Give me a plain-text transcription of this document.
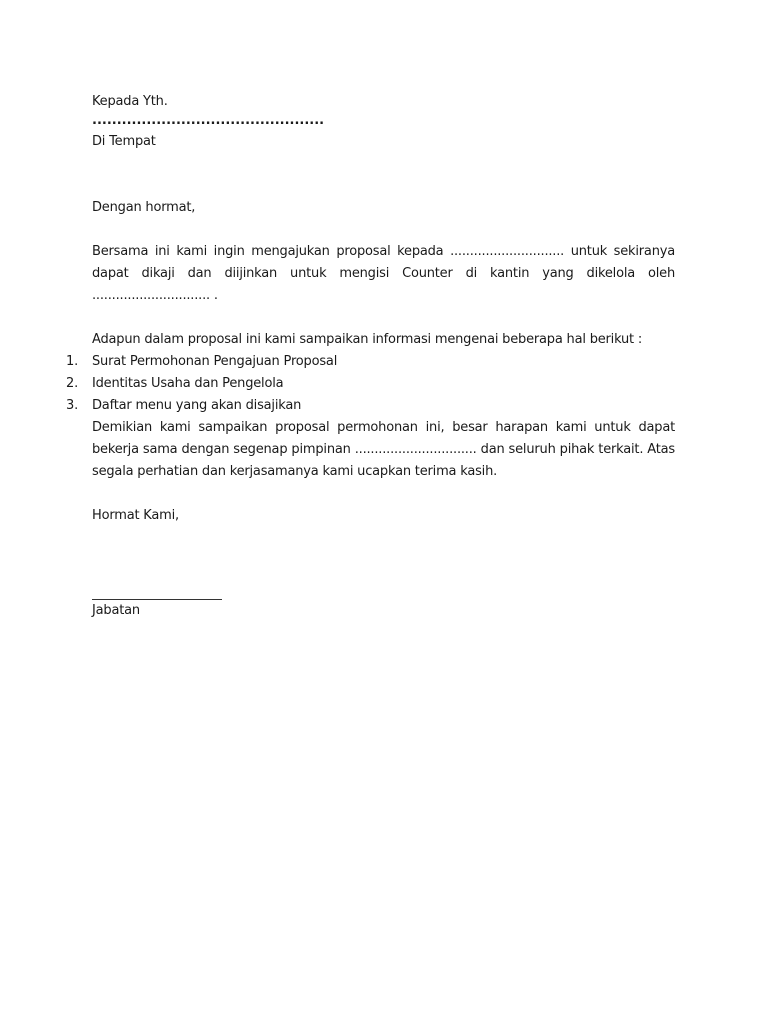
Kepada Yth.
...............................................
Di Tempat
Dengan hormat,

Bersama ini kami ingin mengajukan proposal kepada ............................. untuk sekiranya dapat dikaji dan diijinkan untuk mengisi Counter di kantin yang dikelola oleh .............................. .

Adapun dalam proposal ini kami sampaikan informasi mengenai beberapa hal berikut :
1. Surat Permohonan Pengajuan Proposal
2. Identitas Usaha dan Pengelola
3. Daftar menu yang akan disajikan

Demikian kami sampaikan proposal permohonan ini, besar harapan kami untuk dapat bekerja sama dengan segenap pimpinan ............................... dan seluruh pihak terkait. Atas segala perhatian dan kerjasamanya kami ucapkan terima kasih.

Hormat Kami,
Jabatan
